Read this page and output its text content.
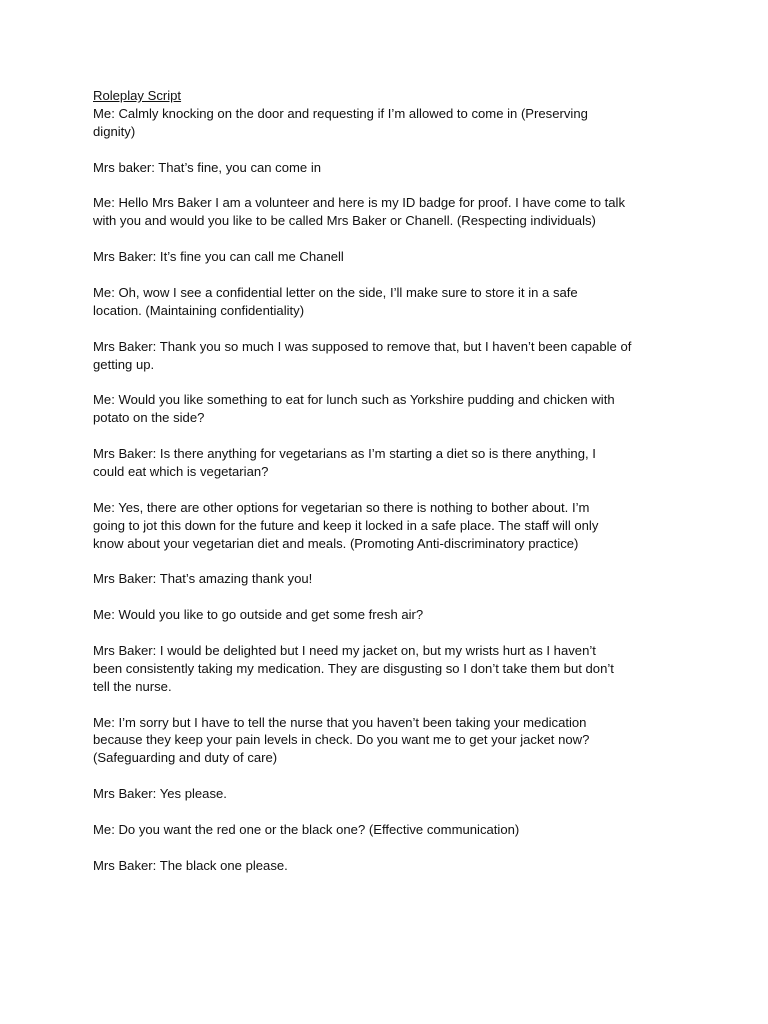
Roleplay Script

Me: Calmly knocking on the door and requesting if I’m allowed to come in (Preserving
dignity)

Mrs baker: That’s fine, you can come in

Me: Hello Mrs Baker I am a volunteer and here is my ID badge for proof. I have come to talk
with you and would you like to be called Mrs Baker or Chanell. (Respecting individuals)

Mrs Baker: It’s fine you can call me Chanell

Me: Oh, wow I see a confidential letter on the side, I’ll make sure to store it in a safe
location. (Maintaining confidentiality)

Mrs Baker: Thank you so much I was supposed to remove that, but I haven’t been capable of
getting up.

Me: Would you like something to eat for lunch such as Yorkshire pudding and chicken with
potato on the side?

Mrs Baker: Is there anything for vegetarians as I’m starting a diet so is there anything, I
could eat which is vegetarian?

Me: Yes, there are other options for vegetarian so there is nothing to bother about. I’m
going to jot this down for the future and keep it locked in a safe place. The staff will only
know about your vegetarian diet and meals. (Promoting Anti-discriminatory practice)

Mrs Baker: That’s amazing thank you!

Me: Would you like to go outside and get some fresh air?

Mrs Baker: I would be delighted but I need my jacket on, but my wrists hurt as I haven’t
been consistently taking my medication. They are disgusting so I don’t take them but don’t
tell the nurse.

Me: I’m sorry but I have to tell the nurse that you haven’t been taking your medication
because they keep your pain levels in check. Do you want me to get your jacket now?
(Safeguarding and duty of care)

Mrs Baker: Yes please.

Me: Do you want the red one or the black one? (Effective communication)

Mrs Baker: The black one please.
